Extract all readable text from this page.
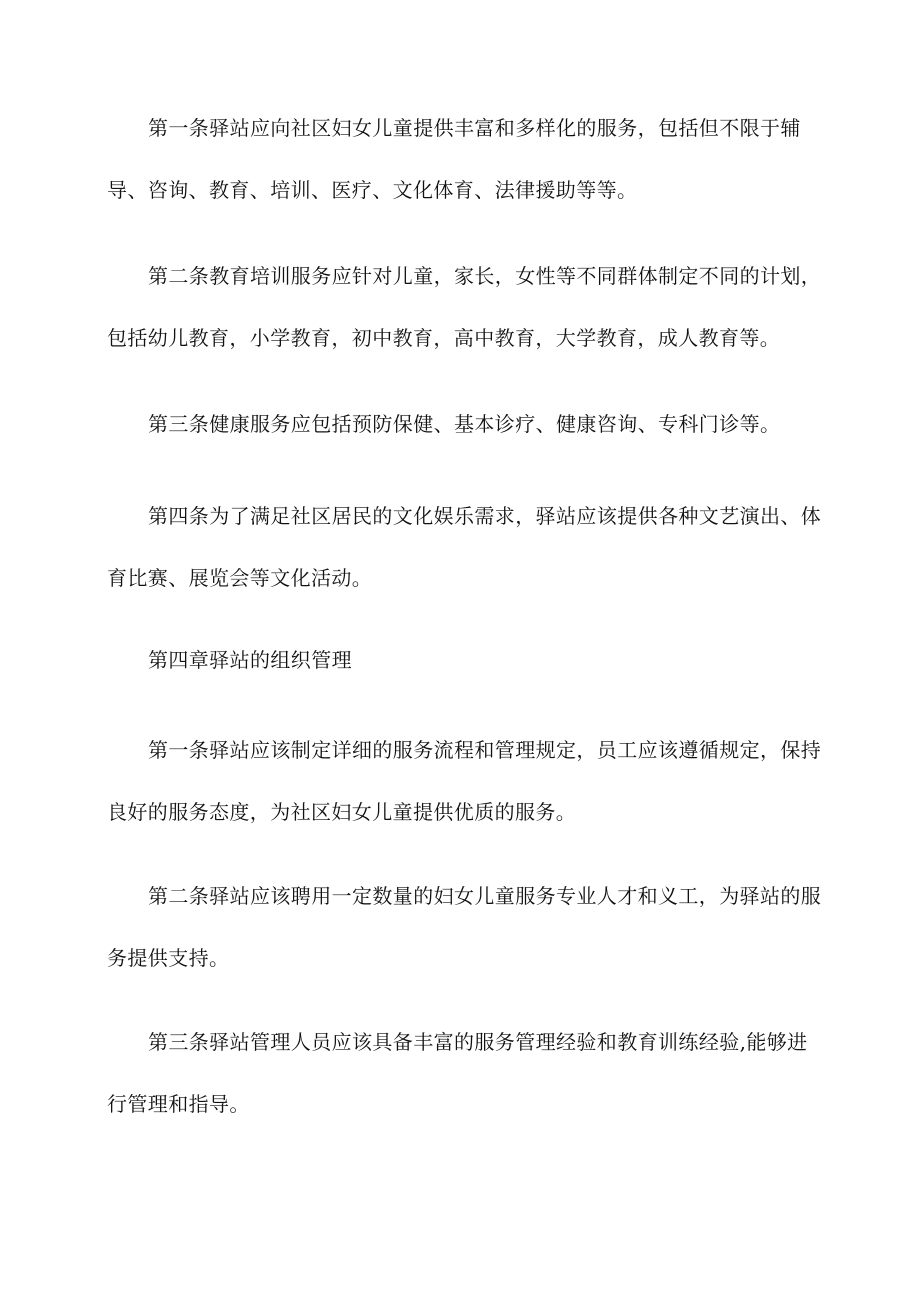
第一条驿站应向社区妇女儿童提供丰富和多样化的服务，包括但不限于辅导、咨询、教育、培训、医疗、文化体育、法律援助等等。

第二条教育培训服务应针对儿童，家长，女性等不同群体制定不同的计划，包括幼儿教育，小学教育，初中教育，高中教育，大学教育，成人教育等。

第三条健康服务应包括预防保健、基本诊疗、健康咨询、专科门诊等。

第四条为了满足社区居民的文化娱乐需求，驿站应该提供各种文艺演出、体育比赛、展览会等文化活动。

第四章驿站的组织管理

第一条驿站应该制定详细的服务流程和管理规定，员工应该遵循规定，保持良好的服务态度，为社区妇女儿童提供优质的服务。

第二条驿站应该聘用一定数量的妇女儿童服务专业人才和义工，为驿站的服务提供支持。

第三条驿站管理人员应该具备丰富的服务管理经验和教育训练经验,能够进行管理和指导。
